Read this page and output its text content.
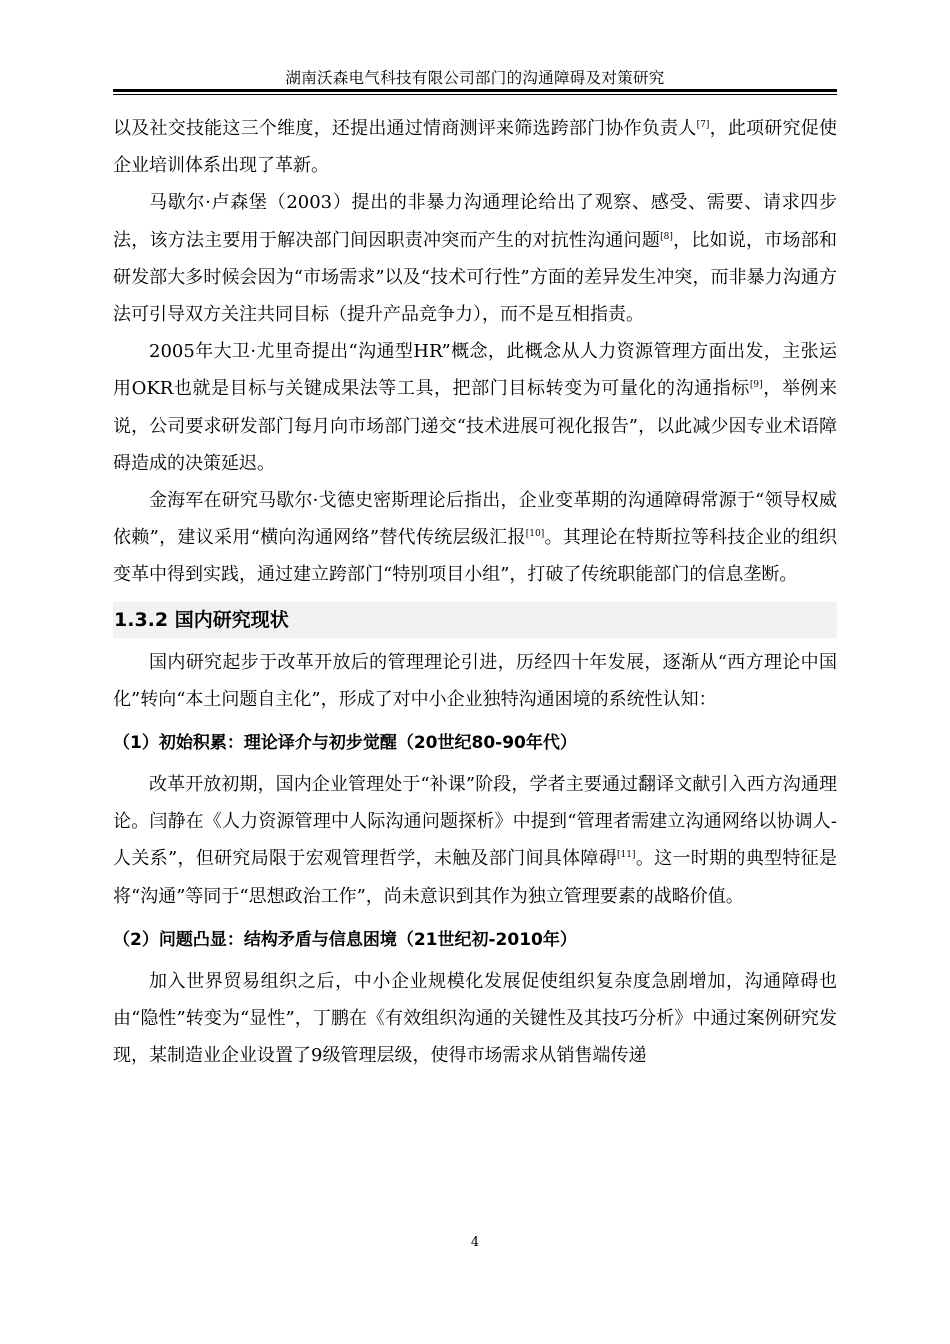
湖南沃森电气科技有限公司部门的沟通障碍及对策研究

以及社交技能这三个维度，还提出通过情商测评来筛选跨部门协作负责人[7]，此项研究促使企业培训体系出现了革新。

马歇尔·卢森堡（2003）提出的非暴力沟通理论给出了观察、感受、需要、请求四步法，该方法主要用于解决部门间因职责冲突而产生的对抗性沟通问题[8]，比如说，市场部和研发部大多时候会因为“市场需求”以及“技术可行性”方面的差异发生冲突，而非暴力沟通方法可引导双方关注共同目标（提升产品竞争力），而不是互相指责。

2005年大卫·尤里奇提出“沟通型HR”概念，此概念从人力资源管理方面出发，主张运用OKR也就是目标与关键成果法等工具，把部门目标转变为可量化的沟通指标[9]，举例来说，公司要求研发部门每月向市场部门递交“技术进展可视化报告”，以此减少因专业术语障碍造成的决策延迟。

金海军在研究马歇尔·戈德史密斯理论后指出，企业变革期的沟通障碍常源于“领导权威依赖”，建议采用“横向沟通网络”替代传统层级汇报[10]。其理论在特斯拉等科技企业的组织变革中得到实践，通过建立跨部门“特别项目小组”，打破了传统职能部门的信息垄断。

1.3.2 国内研究现状

国内研究起步于改革开放后的管理理论引进，历经四十年发展，逐渐从“西方理论中国化”转向“本土问题自主化”，形成了对中小企业独特沟通困境的系统性认知：

（1）初始积累：理论译介与初步觉醒（20世纪80-90年代）

改革开放初期，国内企业管理处于“补课”阶段，学者主要通过翻译文献引入西方沟通理论。闫静在《人力资源管理中人际沟通问题探析》中提到“管理者需建立沟通网络以协调人-人关系”，但研究局限于宏观管理哲学，未触及部门间具体障碍[11]。这一时期的典型特征是将“沟通”等同于“思想政治工作”，尚未意识到其作为独立管理要素的战略价值。

（2）问题凸显：结构矛盾与信息困境（21世纪初-2010年）

加入世界贸易组织之后，中小企业规模化发展促使组织复杂度急剧增加，沟通障碍也由“隐性”转变为“显性”，丁鹏在《有效组织沟通的关键性及其技巧分析》中通过案例研究发现，某制造业企业设置了9级管理层级，使得市场需求从销售端传递

4
